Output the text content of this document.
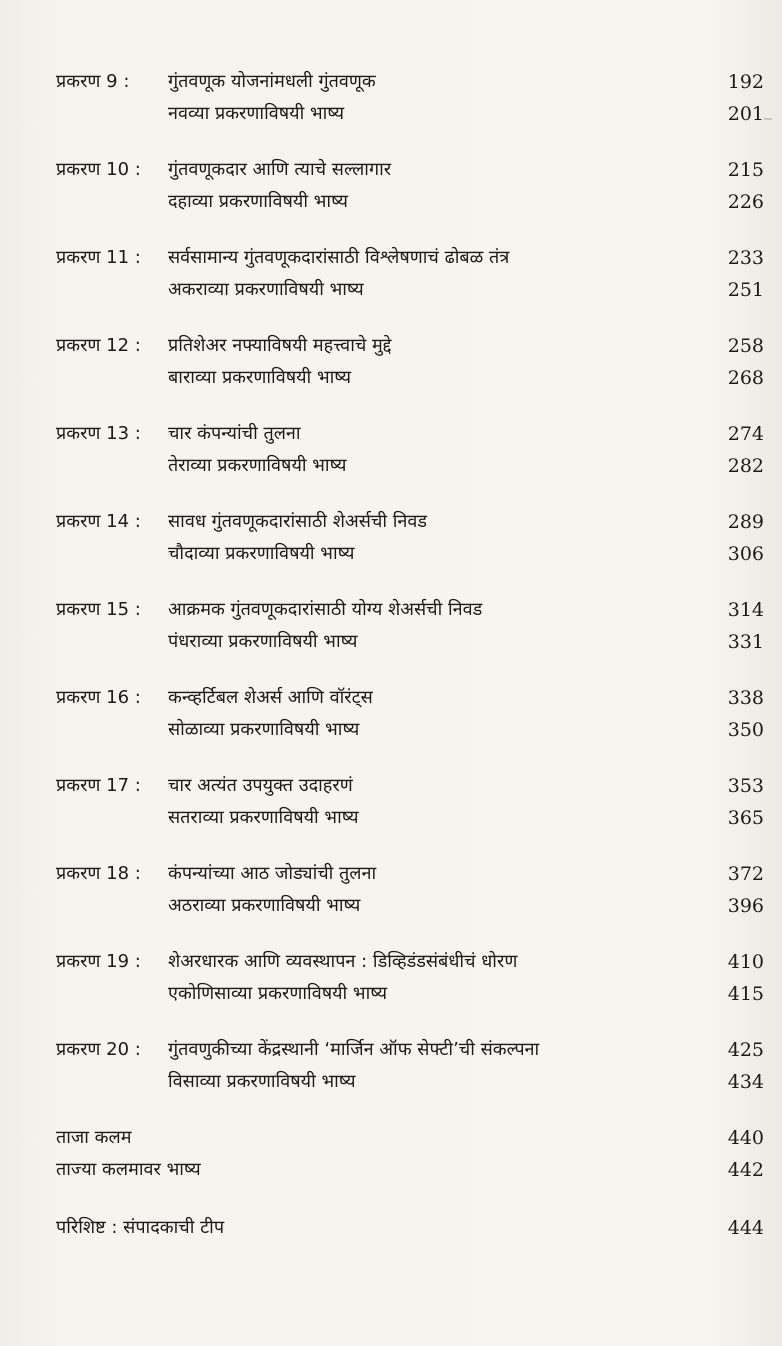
प्रकरण 9 : गुंतवणूक योजनांमधली गुंतवणूक	192
नवव्या प्रकरणाविषयी भाष्य	201
प्रकरण 10 : गुंतवणूकदार आणि त्याचे सल्लागार	215
दहाव्या प्रकरणाविषयी भाष्य	226
प्रकरण 11 : सर्वसामान्य गुंतवणूकदारांसाठी विश्लेषणाचं ढोबळ तंत्र	233
अकराव्या प्रकरणाविषयी भाष्य	251
प्रकरण 12 : प्रतिशेअर नफ्याविषयी महत्त्वाचे मुद्दे	258
बाराव्या प्रकरणाविषयी भाष्य	268
प्रकरण 13 : चार कंपन्यांची तुलना	274
तेराव्या प्रकरणाविषयी भाष्य	282
प्रकरण 14 : सावध गुंतवणूकदारांसाठी शेअर्सची निवड	289
चौदाव्या प्रकरणाविषयी भाष्य	306
प्रकरण 15 : आक्रमक गुंतवणूकदारांसाठी योग्य शेअर्सची निवड	314
पंधराव्या प्रकरणाविषयी भाष्य	331
प्रकरण 16 : कन्व्हर्टिबल शेअर्स आणि वॉरंट्स	338
सोळाव्या प्रकरणाविषयी भाष्य	350
प्रकरण 17 : चार अत्यंत उपयुक्त उदाहरणं	353
सतराव्या प्रकरणाविषयी भाष्य	365
प्रकरण 18 : कंपन्यांच्या आठ जोड्यांची तुलना	372
अठराव्या प्रकरणाविषयी भाष्य	396
प्रकरण 19 : शेअरधारक आणि व्यवस्थापन : डिव्हिडंडसंबंधीचं धोरण	410
एकोणिसाव्या प्रकरणाविषयी भाष्य	415
प्रकरण 20 : गुंतवणुकीच्या केंद्रस्थानी ‘मार्जिन ऑफ सेफ्टी’ची संकल्पना	425
विसाव्या प्रकरणाविषयी भाष्य	434
ताजा कलम	440
ताज्या कलमावर भाष्य	442
परिशिष्ट : संपादकाची टीप	444
